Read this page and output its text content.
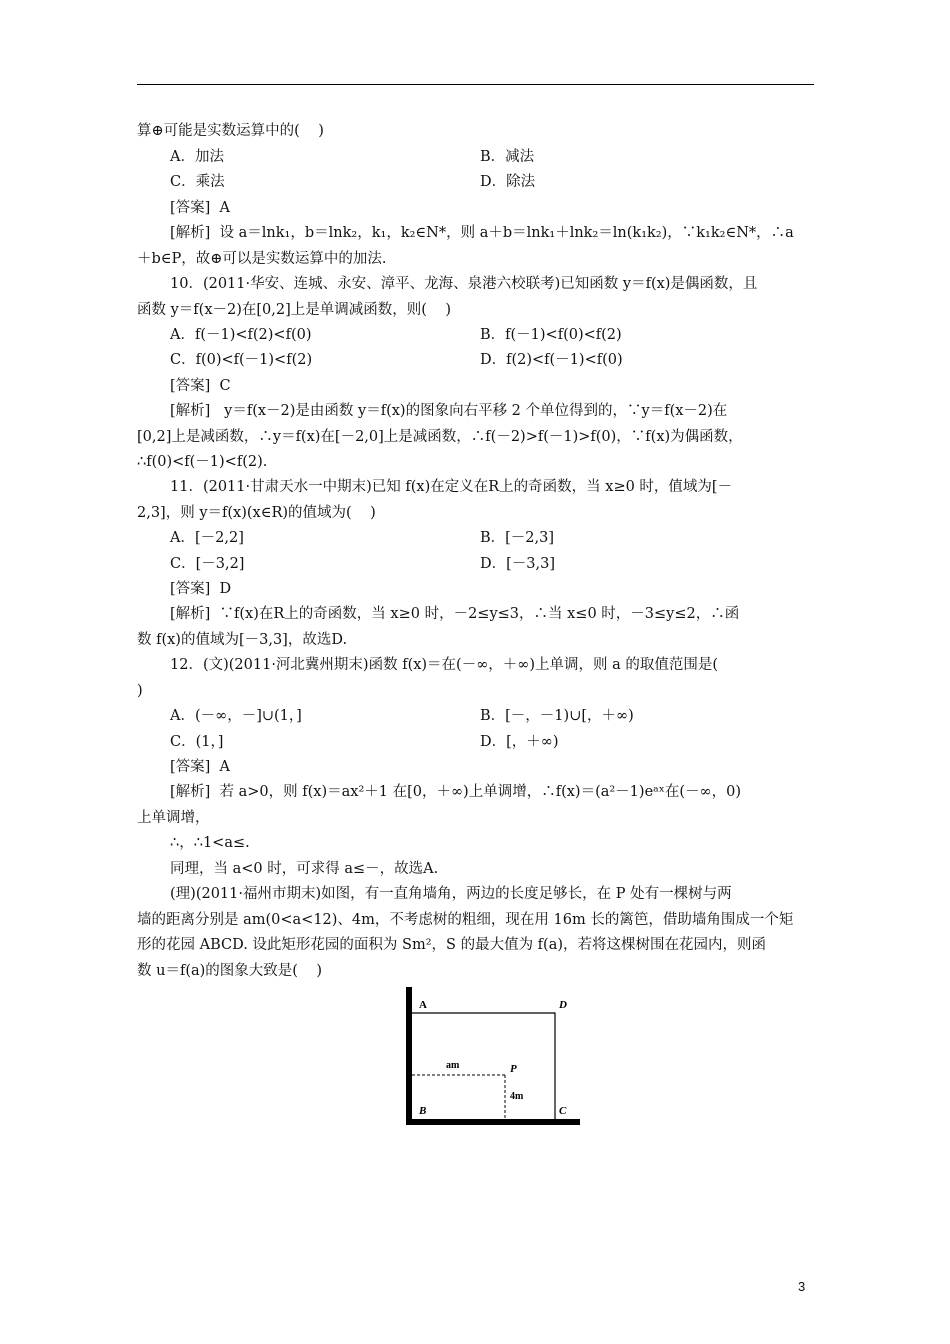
算⊕可能是实数运算中的(    )
A．加法	B．减法
C．乘法	D．除法
[答案]  A
[解析]  设 a＝lnk₁，b＝lnk₂，k₁，k₂∈N*，则 a＋b＝lnk₁＋lnk₂＝ln(k₁k₂)，∵k₁k₂∈N*，∴a
＋b∈P，故⊕可以是实数运算中的加法.
10．(2011·华安、连城、永安、漳平、龙海、泉港六校联考)已知函数 y＝f(x)是偶函数，且
函数 y＝f(x－2)在[0,2]上是单调减函数，则(    )
A．f(－1)<f(2)<f(0)	B．f(－1)<f(0)<f(2)
C．f(0)<f(－1)<f(2)	D．f(2)<f(－1)<f(0)
[答案]  C
[解析]   y＝f(x－2)是由函数 y＝f(x)的图象向右平移 2 个单位得到的，∵y＝f(x－2)在
[0,2]上是减函数，∴y＝f(x)在[－2,0]上是减函数，∴f(－2)>f(－1)>f(0)，∵f(x)为偶函数，
∴f(0)<f(－1)<f(2).
11．(2011·甘肃天水一中期末)已知 f(x)在定义在R上的奇函数，当 x≥0 时，值域为[－
2,3]，则 y＝f(x)(x∈R)的值域为(    )
A．[－2,2]	B．[－2,3]
C．[－3,2]	D．[－3,3]
[答案]  D
[解析]  ∵f(x)在R上的奇函数，当 x≥0 时，－2≤y≤3，∴当 x≤0 时，－3≤y≤2，∴函
数 f(x)的值域为[－3,3]，故选D.
12．(文)(2011·河北冀州期末)函数 f(x)＝在(－∞，＋∞)上单调，则 a 的取值范围是(
)
A．(－∞，－]∪(1，]	B．[－，－1)∪[，＋∞)
C．(1，]	D．[，＋∞)
[答案]  A
[解析]  若 a>0，则 f(x)＝ax²＋1 在[0，＋∞)上单调增，∴f(x)＝(a²－1)eᵃˣ在(－∞，0)
上单调增，
∴，∴1<a≤.
同理，当 a<0 时，可求得 a≤－，故选A.
(理)(2011·福州市期末)如图，有一直角墙角，两边的长度足够长，在 P 处有一棵树与两
墙的距离分别是 am(0<a<12)、4m，不考虑树的粗细，现在用 16m 长的篱笆，借助墙角围成一个矩
形的花园 ABCD. 设此矩形花园的面积为 Sm²，S 的最大值为 f(a)，若将这棵树围在花园内，则函
数 u＝f(a)的图象大致是(    )
A	D
B	C
P
am
4m
3
